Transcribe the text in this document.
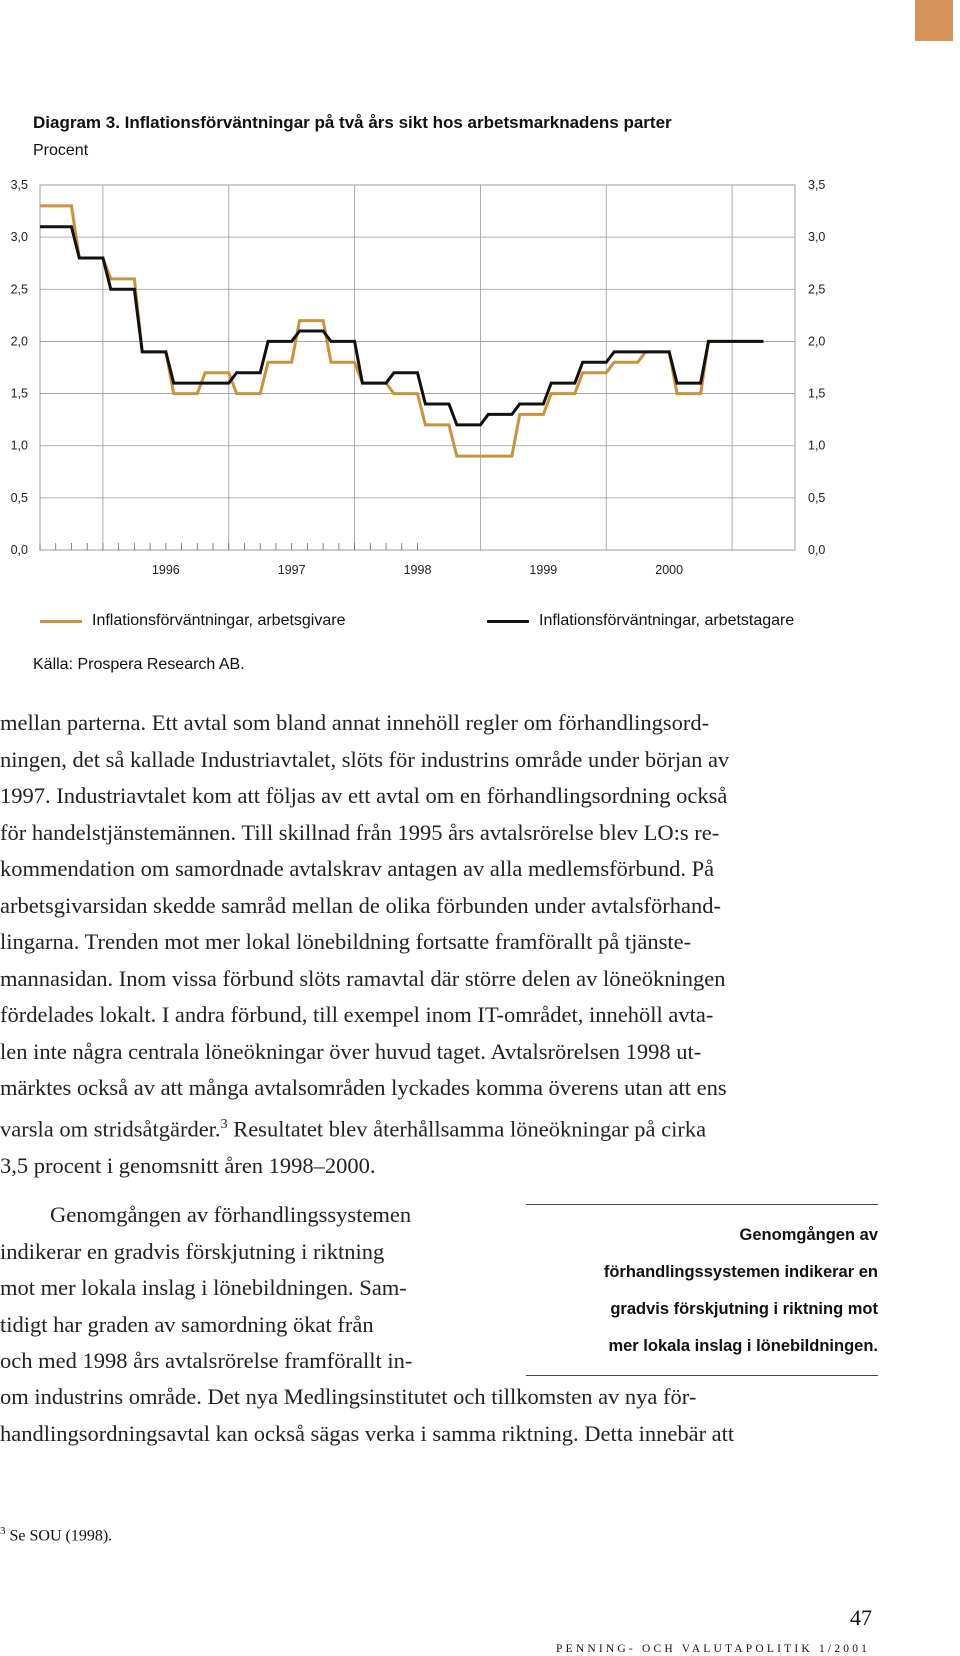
Diagram 3. Inflationsförväntningar på två års sikt hos arbetsmarknadens parter
Procent
0,0	0,0
0,5	0,5
1,0	1,0
1,5	1,5
2,0	2,0
2,5	2,5
3,0	3,0
3,5	3,5
1996	1997	1998	1999	2000
Inflationsförväntningar, arbetsgivare	Inflationsförväntningar, arbetstagare
Källa: Prospera Research AB.

mellan parterna. Ett avtal som bland annat innehöll regler om förhandlingsord-

ningen, det så kallade Industriavtalet, slöts för industrins område under början av

1997. Industriavtalet kom att följas av ett avtal om en förhandlingsordning också

för handelstjänstemännen. Till skillnad från 1995 års avtalsrörelse blev LO:s re-

kommendation om samordnade avtalskrav antagen av alla medlemsförbund. På

arbetsgivarsidan skedde samråd mellan de olika förbunden under avtalsförhand-

lingarna. Trenden mot mer lokal lönebildning fortsatte framförallt på tjänste-

mannasidan. Inom vissa förbund slöts ramavtal där större delen av löneökningen

fördelades lokalt. I andra förbund, till exempel inom IT-området, innehöll avta-

len inte några centrala löneökningar över huvud taget. Avtalsrörelsen 1998 ut-

märktes också av att många avtalsområden lyckades komma överens utan att ens

varsla om stridsåtgärder.$^3$ Resultatet blev återhållsamma löneökningar på cirka

3,5 procent i genomsnitt åren 1998–2000.

Genomgången av förhandlingssystemen

indikerar en gradvis förskjutning i riktning

mot mer lokala inslag i lönebildningen. Sam-

tidigt har graden av samordning ökat från

och med 1998 års avtalsrörelse framförallt in-

Genomgången av
förhandlingssystemen indikerar en
gradvis förskjutning i riktning mot
mer lokala inslag i lönebildningen.

om industrins område. Det nya Medlingsinstitutet och tillkomsten av nya för-

handlingsordningsavtal kan också sägas verka i samma riktning. Detta innebär att

$^3$ Se SOU (1998).
47
PENNING- OCH VALUTAPOLITIK 1/2001
